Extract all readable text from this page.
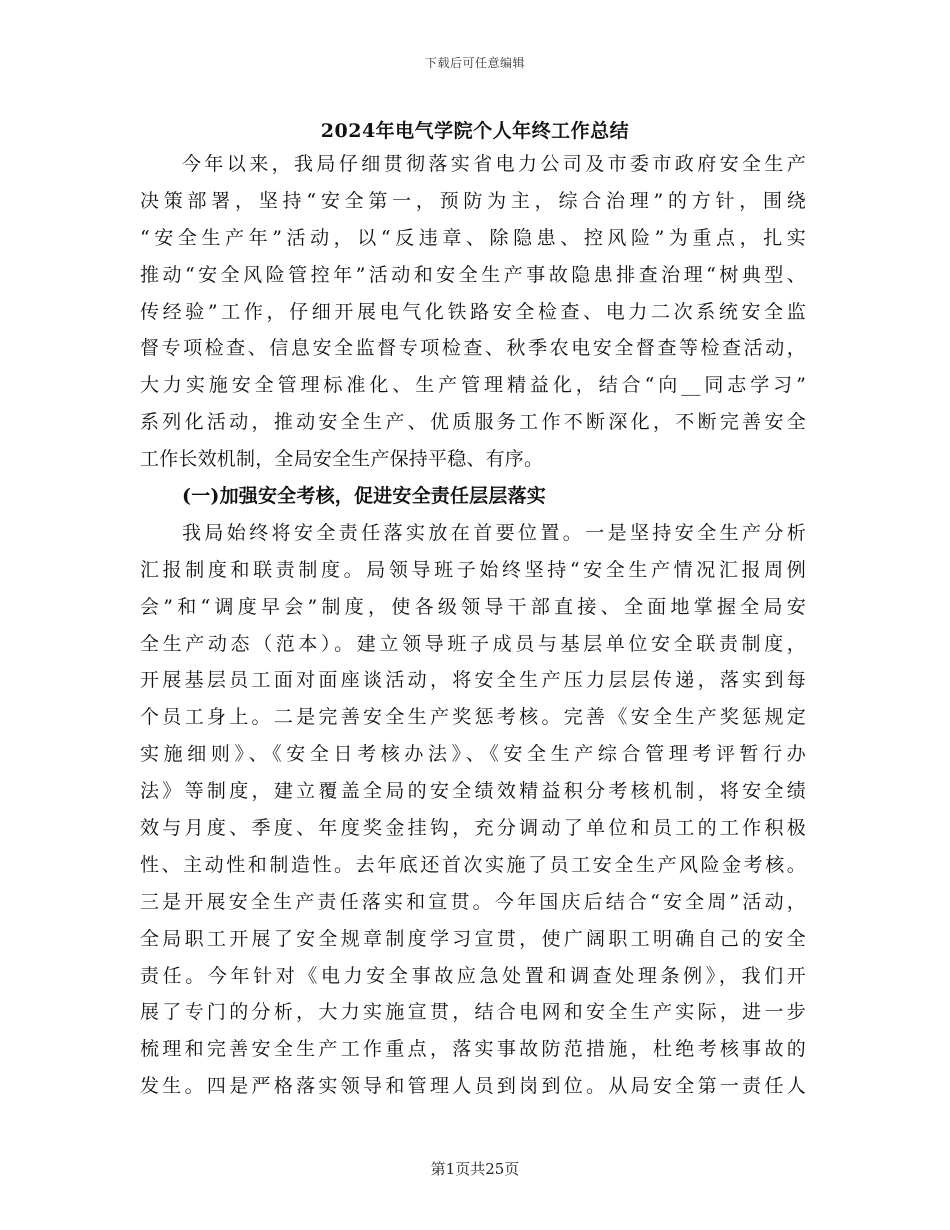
下载后可任意编辑
2024年电气学院个人年终工作总结
今年以来，我局仔细贯彻落实省电力公司及市委市政府安全生产
决策部署，坚持“安全第一，预防为主，综合治理”的方针，围绕
“安全生产年”活动，以“反违章、除隐患、控风险”为重点，扎实
推动“安全风险管控年”活动和安全生产事故隐患排查治理“树典型、
传经验”工作，仔细开展电气化铁路安全检查、电力二次系统安全监
督专项检查、信息安全监督专项检查、秋季农电安全督查等检查活动，
大力实施安全管理标准化、生产管理精益化，结合“向__同志学习”
系列化活动，推动安全生产、优质服务工作不断深化，不断完善安全
工作长效机制，全局安全生产保持平稳、有序。
(一)加强安全考核，促进安全责任层层落实
我局始终将安全责任落实放在首要位置。一是坚持安全生产分析
汇报制度和联责制度。局领导班子始终坚持“安全生产情况汇报周例
会”和“调度早会”制度，使各级领导干部直接、全面地掌握全局安
全生产动态（范本）。建立领导班子成员与基层单位安全联责制度，
开展基层员工面对面座谈活动，将安全生产压力层层传递，落实到每
个员工身上。二是完善安全生产奖惩考核。完善《安全生产奖惩规定
实施细则》、《安全日考核办法》、《安全生产综合管理考评暂行办
法》等制度，建立覆盖全局的安全绩效精益积分考核机制，将安全绩
效与月度、季度、年度奖金挂钩，充分调动了单位和员工的工作积极
性、主动性和制造性。去年底还首次实施了员工安全生产风险金考核。
三是开展安全生产责任落实和宣贯。今年国庆后结合“安全周”活动，
全局职工开展了安全规章制度学习宣贯，使广阔职工明确自己的安全
责任。今年针对《电力安全事故应急处置和调查处理条例》，我们开
展了专门的分析，大力实施宣贯，结合电网和安全生产实际，进一步
梳理和完善安全生产工作重点，落实事故防范措施，杜绝考核事故的
发生。四是严格落实领导和管理人员到岗到位。从局安全第一责任人
第1页共25页
